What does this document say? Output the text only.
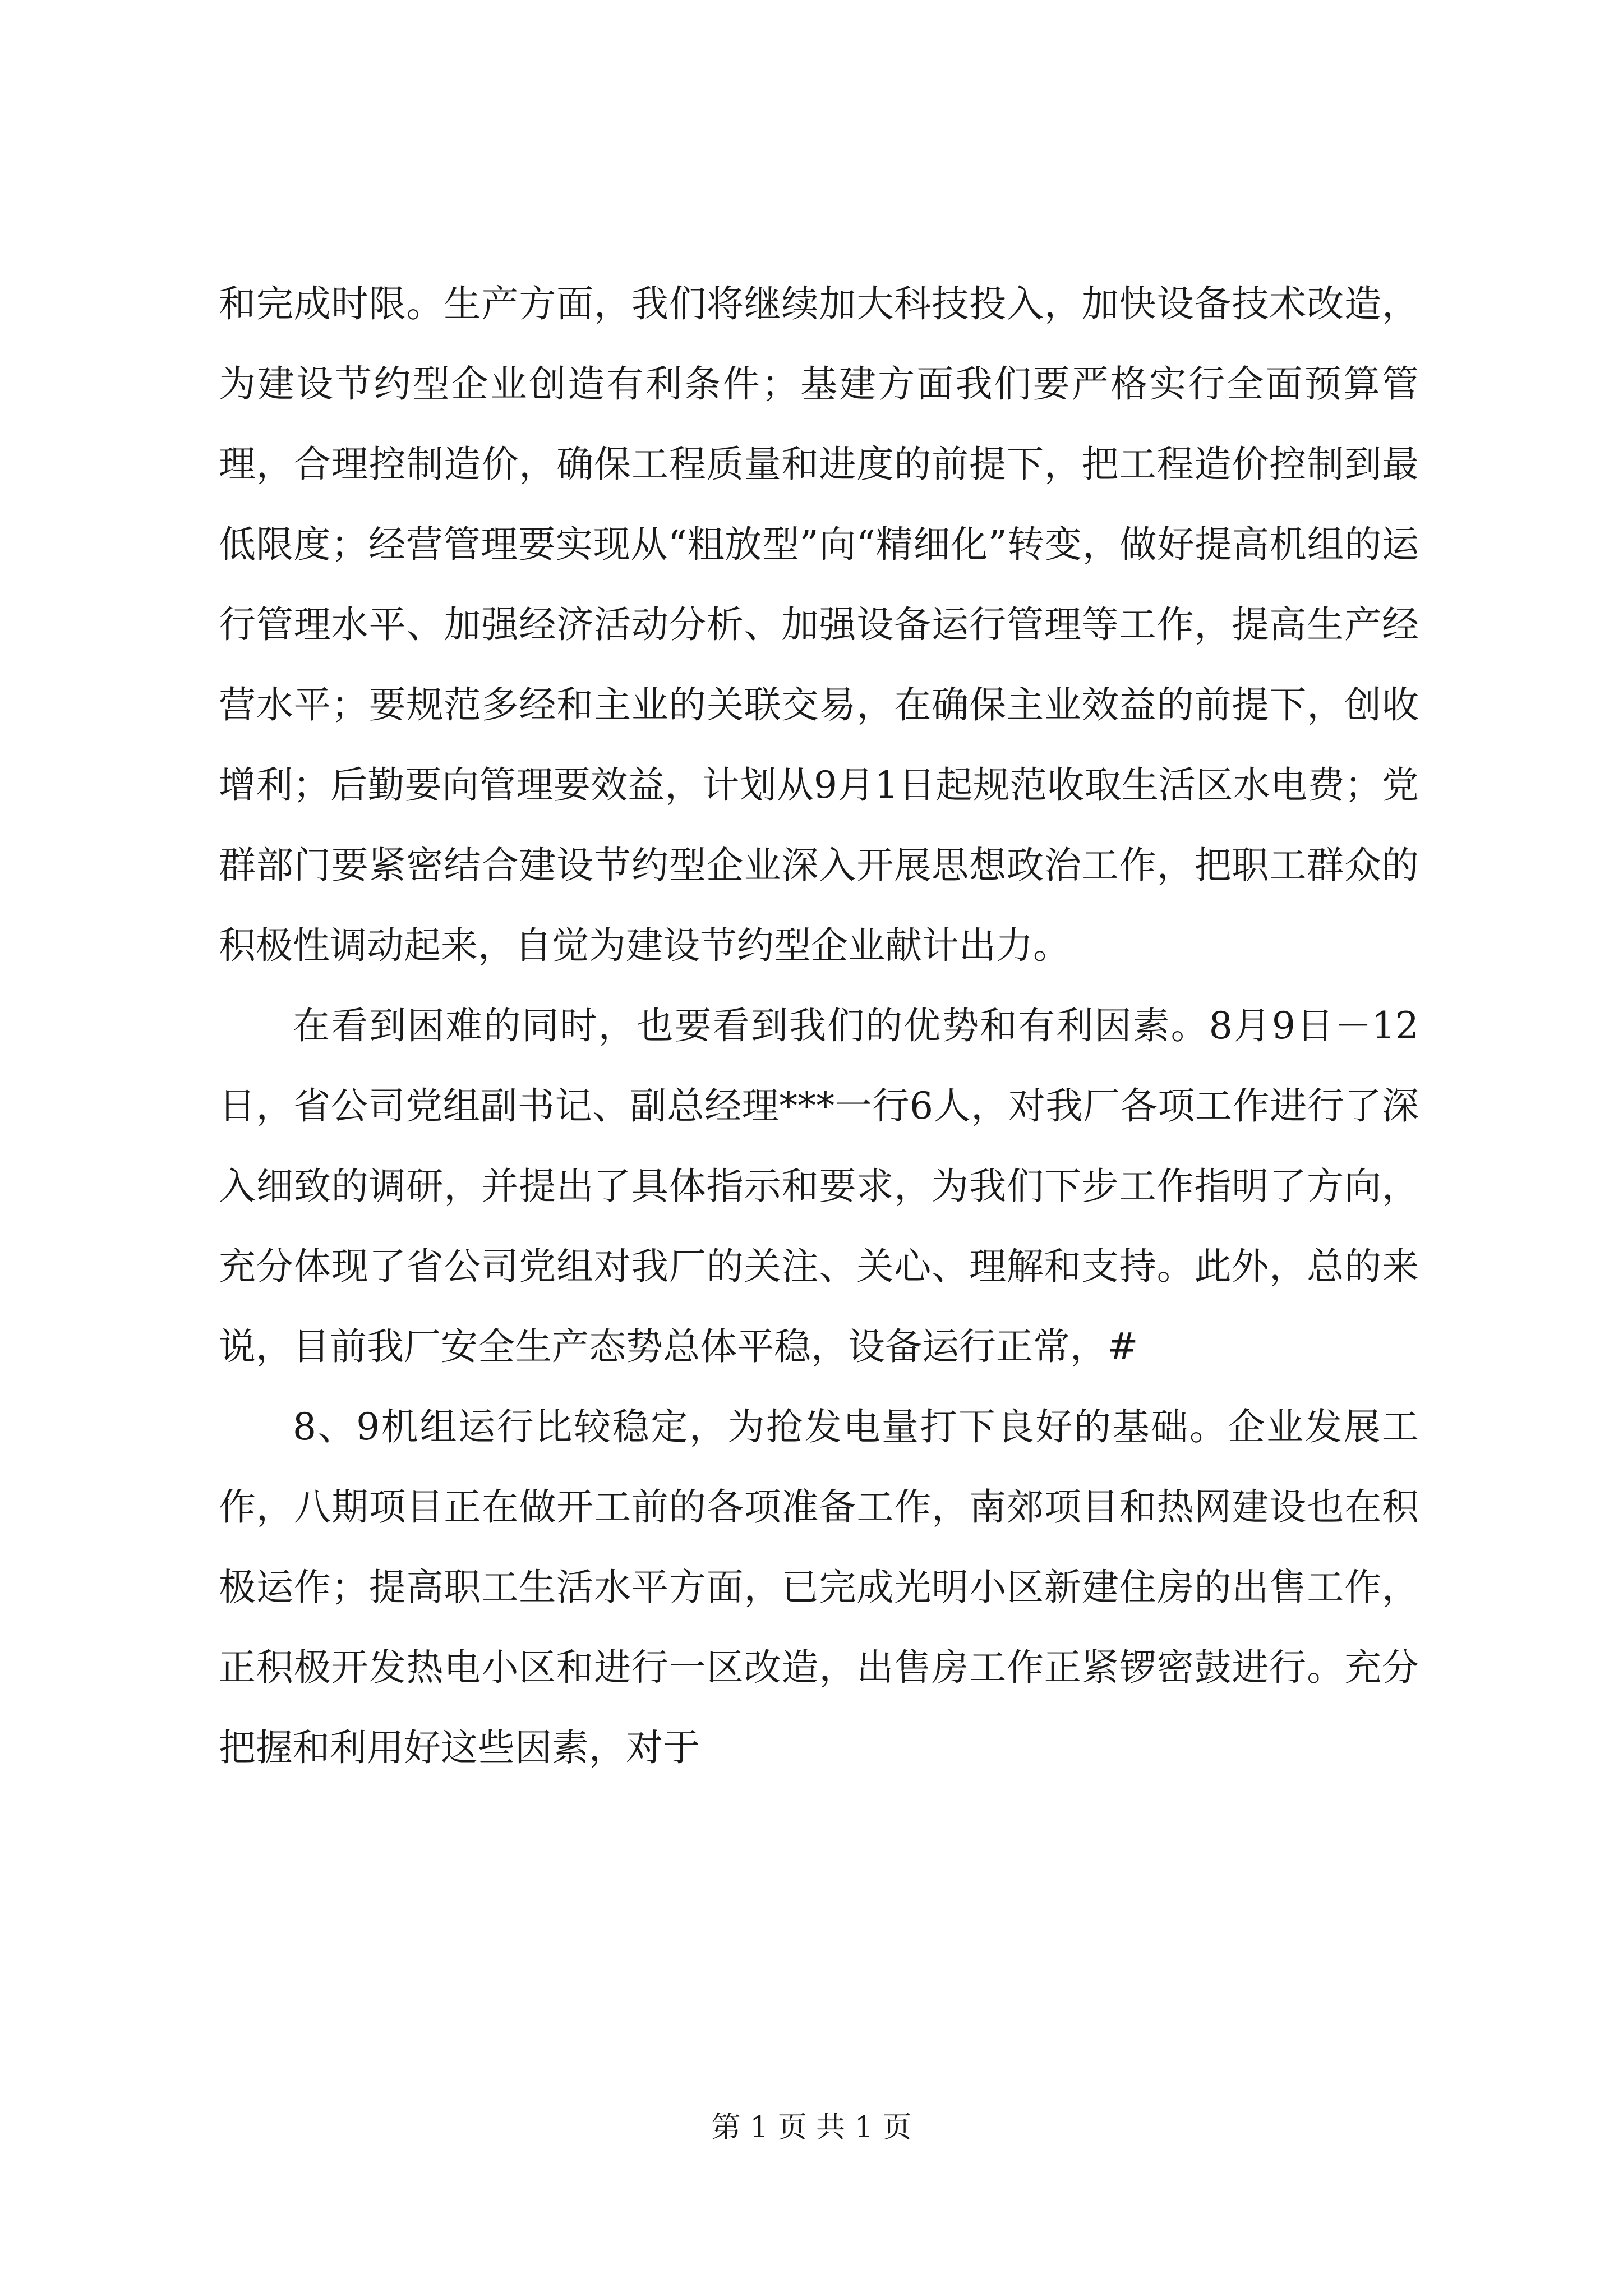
和完成时限。生产方面，我们将继续加大科技投入，加快设备技术改造，为建设节约型企业创造有利条件；基建方面我们要严格实行全面预算管理，合理控制造价，确保工程质量和进度的前提下，把工程造价控制到最低限度；经营管理要实现从“粗放型”向“精细化”转变，做好提高机组的运行管理水平、加强经济活动分析、加强设备运行管理等工作，提高生产经营水平；要规范多经和主业的关联交易，在确保主业效益的前提下，创收增利；后勤要向管理要效益，计划从9月1日起规范收取生活区水电费；党群部门要紧密结合建设节约型企业深入开展思想政治工作，把职工群众的积极性调动起来，自觉为建设节约型企业献计出力。

在看到困难的同时，也要看到我们的优势和有利因素。8月9日－12日，省公司党组副书记、副总经理***一行6人，对我厂各项工作进行了深入细致的调研，并提出了具体指示和要求，为我们下步工作指明了方向，充分体现了省公司党组对我厂的关注、关心、理解和支持。此外，总的来说，目前我厂安全生产态势总体平稳，设备运行正常，#

8、9机组运行比较稳定，为抢发电量打下良好的基础。企业发展工作，八期项目正在做开工前的各项准备工作，南郊项目和热网建设也在积极运作；提高职工生活水平方面，已完成光明小区新建住房的出售工作，正积极开发热电小区和进行一区改造，出售房工作正紧锣密鼓进行。充分把握和利用好这些因素，对于

第 1 页 共 1 页
